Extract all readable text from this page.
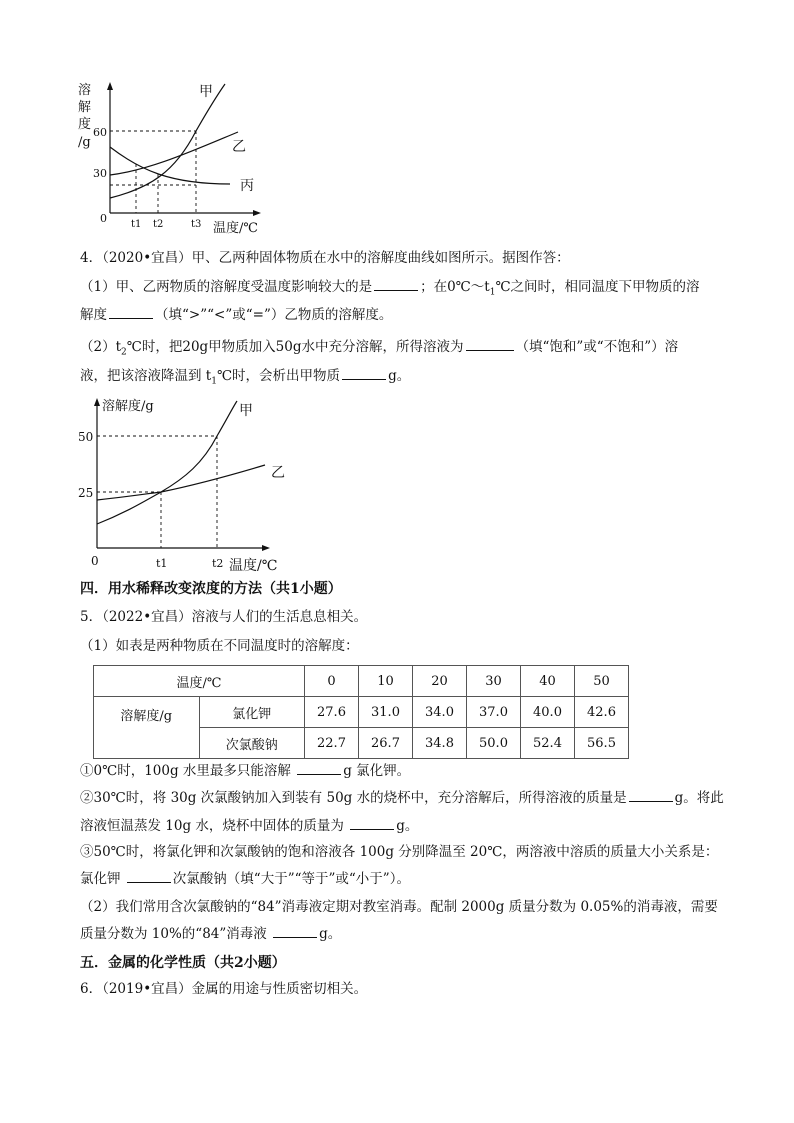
溶
解
度
/g
60
30
0
甲
乙
丙
t1 t2	t3 温度/℃
4．（2020•宜昌）甲、乙两种固体物质在水中的溶解度曲线如图所示。据图作答：
（1）甲、乙两物质的溶解度受温度影响较大的是	；在$0℃\sim t_1℃$之间时，相同温度下甲物质的溶
解度	（填“>”“<”或“=”）乙物质的溶解度。
$(2)t_2℃$时，把20g甲物质加入50g水中充分溶解，所得溶液为	（填“饱和”或“不饱和”）溶
液，把该溶液降温到 $t_1℃$时，会析出甲物质	g。
溶解度/g
50
25
0
甲
乙
t1	t2 温度/℃
四．用水稀释改变浓度的方法（共1小题）
5．（2022•宜昌）溶液与人们的生活息息相关。
（1）如表是两种物质在不同温度时的溶解度：
温度/℃		0	10	20	30	40	50
溶解度/g	氯化钾	27.6	31.0	34.0	37.0	40.0	42.6
	次氯酸钠	22.7	26.7	34.8	50.0	52.4	56.5
①0℃时，100g 水里最多只能溶解	g 氯化钾。
②30℃时，将 30g 次氯酸钠加入到装有 50g 水的烧杯中，充分溶解后，所得溶液的质量是	g。将此
溶液恒温蒸发 10g 水，烧杯中固体的质量为	g。
③50℃时，将氯化钾和次氯酸钠的饱和溶液各 100g 分别降温至 20℃，两溶液中溶质的质量大小关系是：
氯化钾	次氯酸钠（填“大于”“等于”或“小于”）。
（2）我们常用含次氯酸钠的“84”消毒液定期对教室消毒。配制 2000g 质量分数为 0.05%的消毒液，需要
质量分数为 10%的“84”消毒液	g。
五．金属的化学性质（共2小题）
6．（2019•宜昌）金属的用途与性质密切相关。
